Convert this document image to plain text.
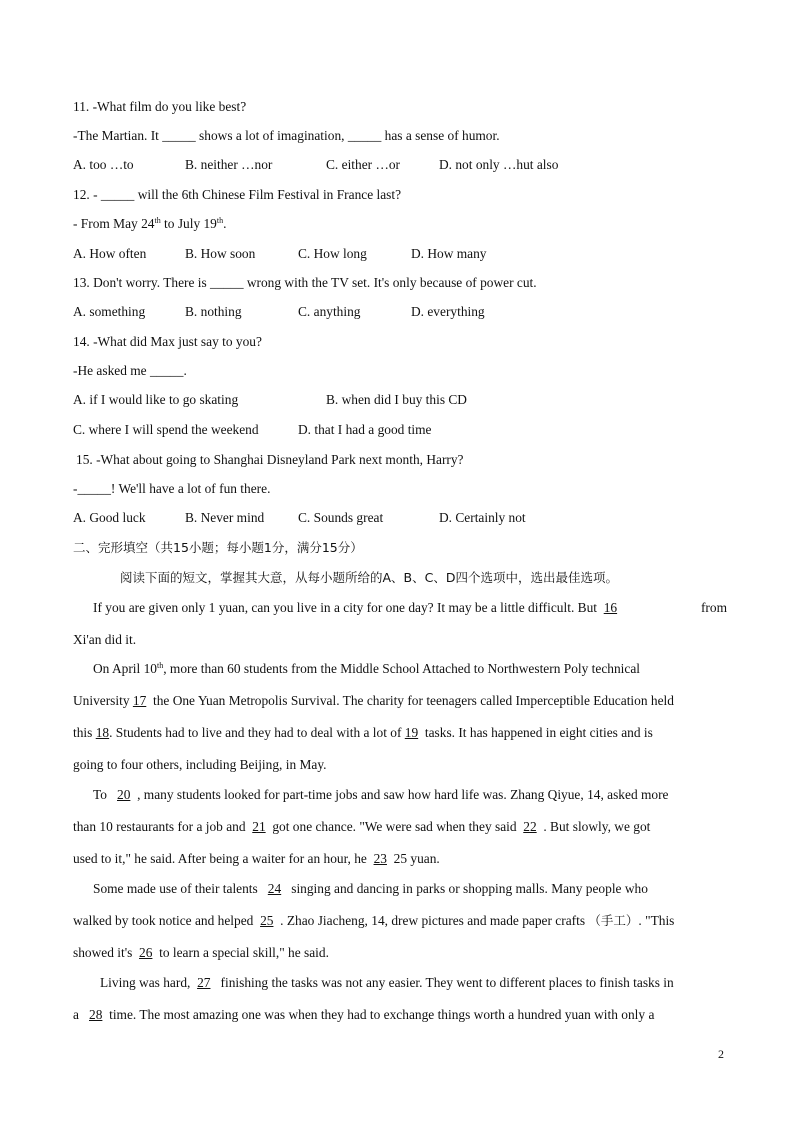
11. -What film do you like best?
-The Martian. It _____ shows a lot of imagination, _____ has a sense of humor.
A. too …to	B. neither …nor	C. either …or	D. not only …hut also
12. - _____ will the 6th Chinese Film Festival in France last?
- From May 24th to July 19th.
A. How often	B. How soon	C. How long	D. How many
13. Don't worry. There is _____ wrong with the TV set. It's only because of power cut.
A. something	B. nothing	C. anything	D. everything
14. -What did Max just say to you?
-He asked me _____.
A. if I would like to go skating	B. when did I buy this CD
C. where I will spend the weekend	D. that I had a good time
15. -What about going to Shanghai Disneyland Park next month, Harry?
-_____! We'll have a lot of fun there.
A. Good luck	B. Never mind	C. Sounds great	D. Certainly not
二、完形填空（共15小题；每小题1分，满分15分）
阅读下面的短文，掌握其大意，从每小题所给的A、B、C、D四个选项中，选出最佳选项。
If you are given only 1 yuan, can you live in a city for one day? It may be a little difficult. But 16	from
Xi'an did it.
On April 10th, more than 60 students from the Middle School Attached to Northwestern Poly technical
University 17 the One Yuan Metropolis Survival. The charity for teenagers called Imperceptible Education held
this 18. Students had to live and they had to deal with a lot of 19 tasks. It has happened in eight cities and is
going to four others, including Beijing, in May.
To 20 , many students looked for part-time jobs and saw how hard life was. Zhang Qiyue, 14, asked more
than 10 restaurants for a job and 21 got one chance. "We were sad when they said 22 . But slowly, we got
used to it," he said. After being a waiter for an hour, he 23 25 yuan.
Some made use of their talents 24 singing and dancing in parks or shopping malls. Many people who
walked by took notice and helped 25 . Zhao Jiacheng, 14, drew pictures and made paper crafts （手工）. "This
showed it's 26 to learn a special skill," he said.
Living was hard, 27 finishing the tasks was not any easier. They went to different places to finish tasks in
a 28 time. The most amazing one was when they had to exchange things worth a hundred yuan with only a
2
